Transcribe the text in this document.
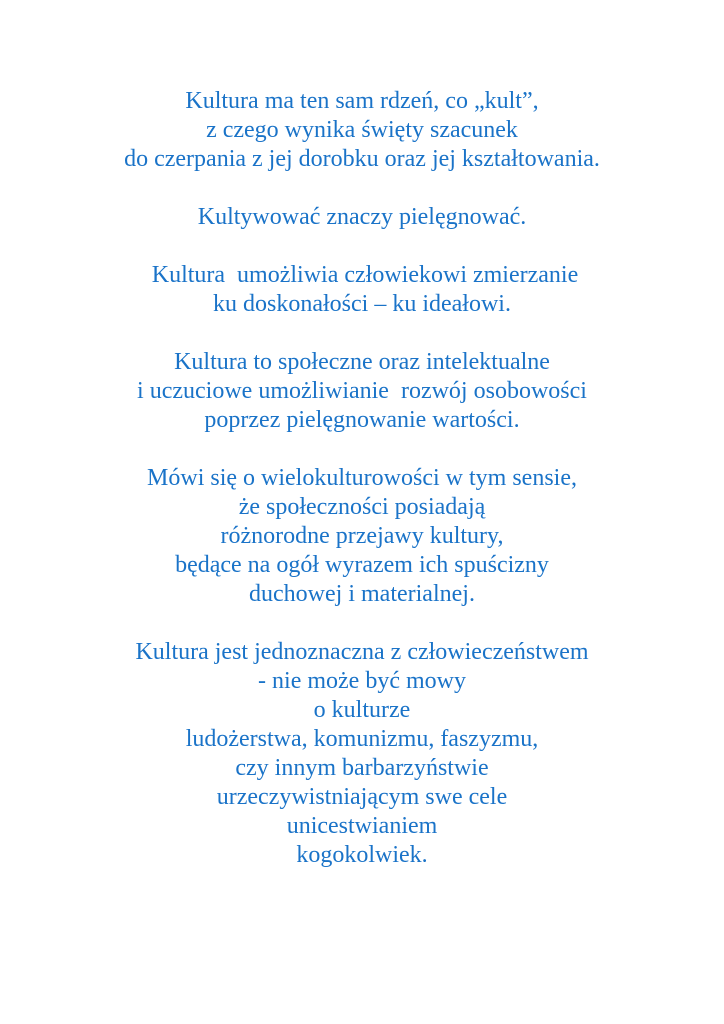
Kultura ma ten sam rdzeń, co „kult”,
z czego wynika święty szacunek
do czerpania z jej dorobku oraz jej kształtowania.
Kultywować znaczy pielęgnować.
Kultura  umożliwia człowiekowi zmierzanie
ku doskonałości – ku ideałowi.
Kultura to społeczne oraz intelektualne
i uczuciowe umożliwianie  rozwój osobowości
poprzez pielęgnowanie wartości.
Mówi się o wielokulturowości w tym sensie,
że społeczności posiadają
różnorodne przejawy kultury,
będące na ogół wyrazem ich spuścizny
duchowej i materialnej.
Kultura jest jednoznaczna z człowieczeństwem
- nie może być mowy
o kulturze
ludożerstwa, komunizmu, faszyzmu,
czy innym barbarzyństwie
urzeczywistniającym swe cele
unicestwianiem
kogokolwiek.
